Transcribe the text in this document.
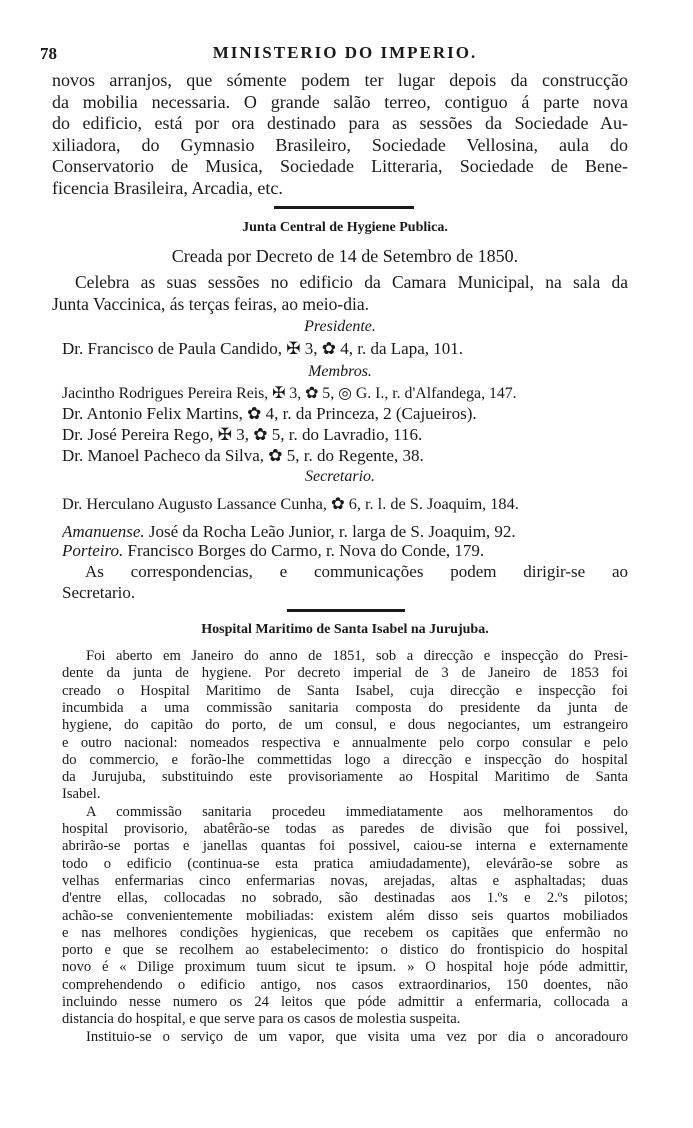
78	MINISTERIO DO IMPERIO.
novos arranjos, que sómente podem ter lugar depois da construcção
da mobilia necessaria. O grande salão terreo, contiguo á parte nova
do edificio, está por ora destinado para as sessões da Sociedade Au-
xiliadora, do Gymnasio Brasileiro, Sociedade Vellosina, aula do
Conservatorio de Musica, Sociedade Litteraria, Sociedade de Bene-
ficencia Brasileira, Arcadia, etc.
Junta Central de Hygiene Publica.
Creada por Decreto de 14 de Setembro de 1850.
Celebra as suas sessões no edificio da Camara Municipal, na sala da
Junta Vaccinica, ás terças feiras, ao meio-dia.
Presidente.
Dr. Francisco de Paula Candido, ✠ 3, ✿ 4, r. da Lapa, 101.
Membros.
Jacintho Rodrigues Pereira Reis, ✠ 3, ✿ 5, ◎ G. I., r. d'Alfandega, 147.
Dr. Antonio Felix Martins, ✿ 4, r. da Princeza, 2 (Cajueiros).
Dr. José Pereira Rego, ✠ 3, ✿ 5, r. do Lavradio, 116.
Dr. Manoel Pacheco da Silva, ✿ 5, r. do Regente, 38.
Secretario.
Dr. Herculano Augusto Lassance Cunha, ✿ 6, r. l. de S. Joaquim, 184.
Amanuense. José da Rocha Leão Junior, r. larga de S. Joaquim, 92.
Porteiro. Francisco Borges do Carmo, r. Nova do Conde, 179.
As correspondencias, e communicações podem dirigir-se ao
Secretario.
Hospital Maritimo de Santa Isabel na Jurujuba.
Foi aberto em Janeiro do anno de 1851, sob a direcção e inspecção do Presi-
dente da junta de hygiene. Por decreto imperial de 3 de Janeiro de 1853 foi
creado o Hospital Maritimo de Santa Isabel, cuja direcção e inspecção foi
incumbida a uma commissão sanitaria composta do presidente da junta de
hygiene, do capitão do porto, de um consul, e dous negociantes, um estrangeiro
e outro nacional: nomeados respectiva e annualmente pelo corpo consular e pelo
do commercio, e forão-lhe commettidas logo a direcção e inspecção do hospital
da Jurujuba, substituindo este provisoriamente ao Hospital Maritimo de Santa
Isabel.
A commissão sanitaria procedeu immediatamente aos melhoramentos do
hospital provisorio, abatêrão-se todas as paredes de divisão que foi possivel,
abrirão-se portas e janellas quantas foi possivel, caiou-se interna e externamente
todo o edificio (continua-se esta pratica amiudadamente), elevárão-se sobre as
velhas enfermarias cinco enfermarias novas, arejadas, altas e asphaltadas; duas
d'entre ellas, collocadas no sobrado, são destinadas aos 1.ºs e 2.ºs pilotos;
achão-se convenientemente mobiliadas: existem além disso seis quartos mobiliados
e nas melhores condições hygienicas, que recebem os capitães que enfermão no
porto e que se recolhem ao estabelecimento: o distico do frontispicio do hospital
novo é « Dilige proximum tuum sicut te ipsum. » O hospital hoje póde admittir,
comprehendendo o edificio antigo, nos casos extraordinarios, 150 doentes, não
incluindo nesse numero os 24 leitos que póde admittir a enfermaria, collocada a
distancia do hospital, e que serve para os casos de molestia suspeita.
Instituio-se o serviço de um vapor, que visita uma vez por dia o ancoradouro
